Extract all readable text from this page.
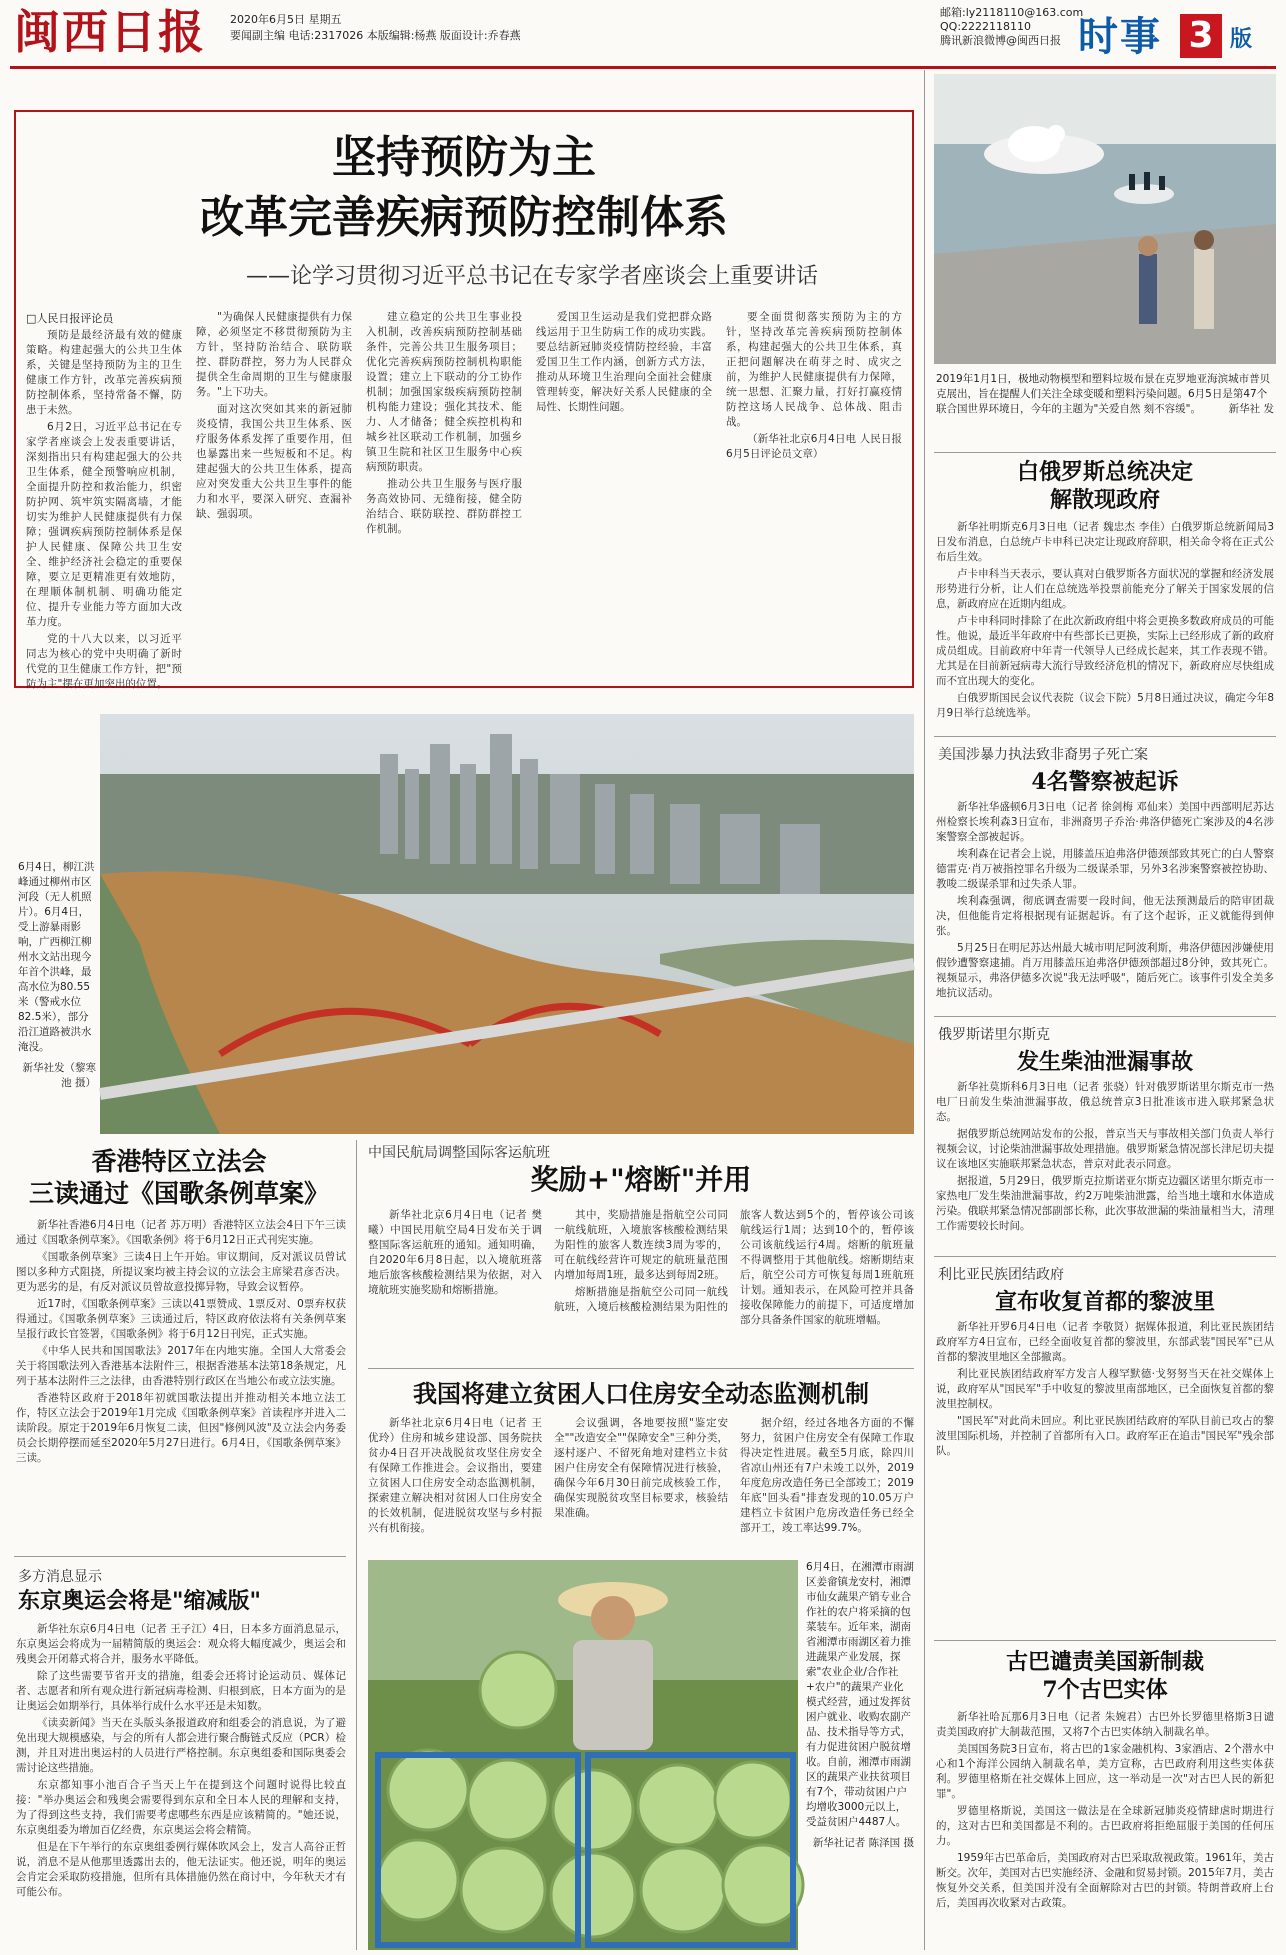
闽西日报 2020年6月5日 星期五
要闻副主编 电话:2317026 本版编辑:杨燕 版面设计:乔春燕
邮箱:ly2118110@163.com
QQ:2222118110
腾讯新浪微博@闽西日报 时事 3 版
坚持预防为主
改革完善疾病预防控制体系
——论学习贯彻习近平总书记在专家学者座谈会上重要讲话
□人民日报评论员

预防是最经济最有效的健康策略。构建起强大的公共卫生体系，关键是坚持预防为主的卫生健康工作方针，改革完善疾病预防控制体系，坚持常备不懈，防患于未然。

6月2日，习近平总书记在专家学者座谈会上发表重要讲话，深刻指出只有构建起强大的公共卫生体系，健全预警响应机制，全面提升防控和救治能力，织密防护网、筑牢筑实隔离墙，才能切实为维护人民健康提供有力保障；强调疾病预防控制体系是保护人民健康、保障公共卫生安全、维护经济社会稳定的重要保障，要立足更精准更有效地防，在理顺体制机制、明确功能定位、提升专业能力等方面加大改革力度。

党的十八大以来，以习近平同志为核心的党中央明确了新时代党的卫生健康工作方针，把"预防为主"摆在更加突出的位置。

"为确保人民健康提供有力保障，必须坚定不移贯彻预防为主方针，坚持防治结合、联防联控、群防群控，努力为人民群众提供全生命周期的卫生与健康服务。"上下功夫。

面对这次突如其来的新冠肺炎疫情，我国公共卫生体系、医疗服务体系发挥了重要作用，但也暴露出来一些短板和不足。构建起强大的公共卫生体系，提高应对突发重大公共卫生事件的能力和水平，要深入研究、查漏补缺、强弱项。

建立稳定的公共卫生事业投入机制，改善疾病预防控制基础条件，完善公共卫生服务项目；优化完善疾病预防控制机构职能设置；建立上下联动的分工协作机制；加强国家级疾病预防控制机构能力建设；强化其技术、能力、人才储备；健全疾控机构和城乡社区联动工作机制，加强乡镇卫生院和社区卫生服务中心疾病预防职责。

推动公共卫生服务与医疗服务高效协同、无缝衔接，健全防治结合、联防联控、群防群控工作机制。

爱国卫生运动是我们党把群众路线运用于卫生防病工作的成功实践。要总结新冠肺炎疫情防控经验，丰富爱国卫生工作内涵，创新方式方法，推动从环境卫生治理向全面社会健康管理转变，解决好关系人民健康的全局性、长期性问题。

要全面贯彻落实预防为主的方针，坚持改革完善疾病预防控制体系，构建起强大的公共卫生体系，真正把问题解决在萌芽之时、成灾之前，为维护人民健康提供有力保障，统一思想、汇聚力量，打好打赢疫情防控这场人民战争、总体战、阻击战。

（新华社北京6月4日电 人民日报6月5日评论员文章）

6月4日，柳江洪峰通过柳州市区河段（无人机照片）。6月4日，受上游暴雨影响，广西柳江柳州水文站出现今年首个洪峰，最高水位为80.55米（警戒水位82.5米），部分沿江道路被洪水淹没。
新华社发（黎寒池 摄）
香港特区立法会
三读通过《国歌条例草案》

新华社香港6月4日电（记者 苏万明）香港特区立法会4日下午三读通过《国歌条例草案》。《国歌条例》将于6月12日正式刊宪实施。

《国歌条例草案》三读4日上午开始。审议期间，反对派议员曾试图以多种方式阻挠，所提议案均被主持会议的立法会主席梁君彦否决。更为恶劣的是，有反对派议员曾故意投掷异物，导致会议暂停。

近17时，《国歌条例草案》三读以41票赞成、1票反对、0票弃权获得通过。《国歌条例草案》三读通过后，特区政府依法将有关条例草案呈报行政长官签署，《国歌条例》将于6月12日刊宪，正式实施。

《中华人民共和国国歌法》2017年在内地实施。全国人大常委会关于将国歌法列入香港基本法附件三，根据香港基本法第18条规定，凡列于基本法附件三之法律，由香港特别行政区在当地公布或立法实施。

香港特区政府于2018年初就国歌法提出并推动相关本地立法工作，特区立法会于2019年1月完成《国歌条例草案》首读程序并进入二读阶段。原定于2019年6月恢复二读，但因"修例风波"及立法会内务委员会长期停摆而延至2020年5月27日进行。6月4日，《国歌条例草案》三读。

多方消息显示
东京奥运会将是"缩减版"

新华社东京6月4日电（记者 王子江）4日，日本多方面消息显示，东京奥运会将成为一届精简版的奥运会：观众将大幅度减少，奥运会和残奥会开闭幕式将合并，服务水平降低。

除了这些需要节省开支的措施，组委会还将讨论运动员、媒体记者、志愿者和所有观众进行新冠病毒检测、归根到底，日本方面为的是让奥运会如期举行，具体举行成什么水平还是未知数。

《读卖新闻》当天在头版头条报道政府和组委会的消息说，为了避免出现大规模感染，与会的所有人都会进行聚合酶链式反应（PCR）检测，并且对进出奥运村的人员进行严格控制。东京奥组委和国际奥委会需讨论这些措施。

东京都知事小池百合子当天上午在提到这个问题时说得比较直接："举办奥运会和残奥会需要得到东京和全日本人民的理解和支持，为了得到这些支持，我们需要考虑哪些东西是应该精简的。"她还说，东京奥组委为增加百亿经费，东京奥运会将会精简。

但是在下午举行的东京奥组委例行媒体吹风会上，发言人高谷正哲说，消息不是从他那里透露出去的，他无法证实。他还说，明年的奥运会肯定会采取防疫措施，但所有具体措施仍然在商讨中，今年秋天才有可能公布。

中国民航局调整国际客运航班
奖励+"熔断"并用

新华社北京6月4日电（记者 樊曦）中国民用航空局4日发布关于调整国际客运航班的通知。通知明确，自2020年6月8日起，以入境航班落地后旅客核酸检测结果为依据，对入境航班实施奖励和熔断措施。

其中，奖励措施是指航空公司同一航线航班，入境旅客核酸检测结果为阳性的旅客人数连续3周为零的，可在航线经营许可规定的航班量范围内增加每周1班，最多达到每周2班。

熔断措施是指航空公司同一航线航班，入境后核酸检测结果为阳性的旅客人数达到5个的，暂停该公司该航线运行1周；达到10个的，暂停该公司该航线运行4周。熔断的航班量不得调整用于其他航线。熔断期结束后，航空公司方可恢复每周1班航班计划。通知表示，在风险可控并具备接收保障能力的前提下，可适度增加部分具备条件国家的航班增幅。

我国将建立贫困人口住房安全动态监测机制

新华社北京6月4日电（记者 王优玲）住房和城乡建设部、国务院扶贫办4日召开决战脱贫攻坚住房安全有保障工作推进会。会议指出，要建立贫困人口住房安全动态监测机制，探索建立解决相对贫困人口住房安全的长效机制，促进脱贫攻坚与乡村振兴有机衔接。

会议强调，各地要按照"鉴定安全""改造安全""保障安全"三种分类，逐村逐户、不留死角地对建档立卡贫困户住房安全有保障情况进行核验，确保今年6月30日前完成核验工作，确保实现脱贫攻坚目标要求，核验结果准确。

据介绍，经过各地各方面的不懈努力，贫困户住房安全有保障工作取得决定性进展。截至5月底，除四川省凉山州还有7户未竣工以外，2019年度危房改造任务已全部竣工；2019年底"回头看"排查发现的10.05万户建档立卡贫困户危房改造任务已经全部开工，竣工率达99.7%。

6月4日，在湘潭市雨湖区姜畲镇龙安村，湘潭市仙女蔬果产销专业合作社的农户将采摘的包菜装车。近年来，湖南省湘潭市雨湖区着力推进蔬果产业发展，探索"农业企业/合作社+农户"的蔬果产业化模式经营，通过发挥贫困户就业、收购农副产品、技术指导等方式，有力促进贫困户脱贫增收。自前，湘潭市雨湖区的蔬果产业扶贫项目有7个，带动贫困户户均增收3000元以上，受益贫困户4487人。
新华社记者 陈泽国 摄
2019年1月1日，极地动物模型和塑料垃圾布景在克罗地亚海滨城市普贝克展出，旨在提醒人们关注全球变暖和塑料污染问题。6月5日是第47个联合国世界环境日，今年的主题为"关爱自然 刻不容缓"。	新华社 发
白俄罗斯总统决定
解散现政府

新华社明斯克6月3日电（记者 魏忠杰 李佳）白俄罗斯总统新闻局3日发布消息，白总统卢卡申科已决定让现政府辞职，相关命令将在正式公布后生效。

卢卡申科当天表示，要认真对白俄罗斯各方面状况的掌握和经济发展形势进行分析，让人们在总统选举投票前能充分了解关于国家发展的信息，新政府应在近期内组成。

卢卡申科同时排除了在此次新政府组中将会更换多数政府成员的可能性。他说，最近半年政府中有些部长已更换，实际上已经形成了新的政府成员组成。目前政府中年青一代领导人已经成长起来，其工作表现不错。尤其是在目前新冠病毒大流行导致经济危机的情况下，新政府应尽快组成而不宜出现大的变化。

白俄罗斯国民会议代表院（议会下院）5月8日通过决议，确定今年8月9日举行总统选举。

美国涉暴力执法致非裔男子死亡案
4名警察被起诉

新华社华盛顿6月3日电（记者 徐剑梅 邓仙来）美国中西部明尼苏达州检察长埃利森3日宣布，非洲裔男子乔治·弗洛伊德死亡案涉及的4名涉案警察全部被起诉。

埃利森在记者会上说，用膝盖压迫弗洛伊德颈部致其死亡的白人警察德雷克·肖万被指控罪名升级为二级谋杀罪，另外3名涉案警察被控协助、教唆二级谋杀罪和过失杀人罪。

埃利森强调，彻底调查需要一段时间，他无法预测最后的陪审团裁决，但他能肯定将根据现有证据起诉。有了这个起诉，正义就能得到伸张。

5月25日在明尼苏达州最大城市明尼阿波利斯，弗洛伊德因涉嫌使用假钞遭警察逮捕。肖万用膝盖压迫弗洛伊德颈部超过8分钟，致其死亡。视频显示，弗洛伊德多次说"我无法呼吸"，随后死亡。该事件引发全美多地抗议活动。

俄罗斯诺里尔斯克
发生柴油泄漏事故

新华社莫斯科6月3日电（记者 张骁）针对俄罗斯诺里尔斯克市一热电厂日前发生柴油泄漏事故，俄总统普京3日批准该市进入联邦紧急状态。

据俄罗斯总统网站发布的公报，普京当天与事故相关部门负责人举行视频会议，讨论柴油泄漏事故处理措施。俄罗斯紧急情况部长津尼切夫提议在该地区实施联邦紧急状态，普京对此表示同意。

据报道，5月29日，俄罗斯克拉斯诺亚尔斯克边疆区诺里尔斯克市一家热电厂发生柴油泄漏事故，约2万吨柴油泄露，给当地土壤和水体造成污染。俄联邦紧急情况部副部长称，此次事故泄漏的柴油量相当大，清理工作需要较长时间。

利比亚民族团结政府
宣布收复首都的黎波里

新华社开罗6月4日电（记者 李敬贤）据媒体报道，利比亚民族团结政府军方4日宣布，已经全面收复首都的黎波里，东部武装"国民军"已从首都的黎波里地区全部撤离。

利比亚民族团结政府军方发言人穆罕默德·戈努努当天在社交媒体上说，政府军从"国民军"手中收复的黎波里南部地区，已全面恢复首都的黎波里控制权。

"国民军"对此尚未回应。利比亚民族团结政府的军队目前已攻占的黎波里国际机场，并控制了首都所有入口。政府军正在追击"国民军"残余部队。

古巴谴责美国新制裁
7个古巴实体

新华社哈瓦那6月3日电（记者 朱婉君）古巴外长罗德里格斯3日谴责美国政府扩大制裁范围，又将7个古巴实体纳入制裁名单。

美国国务院3日宣布，将古巴的1家金融机构、3家酒店、2个潜水中心和1个海洋公园纳入制裁名单，美方宣称，古巴政府利用这些实体获利。罗德里格斯在社交媒体上回应，这一举动是一次"对古巴人民的新犯罪"。

罗德里格斯说，美国这一做法是在全球新冠肺炎疫情肆虐时期进行的，这对古巴和美国都是不利的。古巴政府将拒绝屈服于美国的任何压力。

1959年古巴革命后，美国政府对古巴采取敌视政策。1961年，美古断交。次年，美国对古巴实施经济、金融和贸易封锁。2015年7月，美古恢复外交关系，但美国并没有全面解除对古巴的封锁。特朗普政府上台后，美国再次收紧对古政策。
